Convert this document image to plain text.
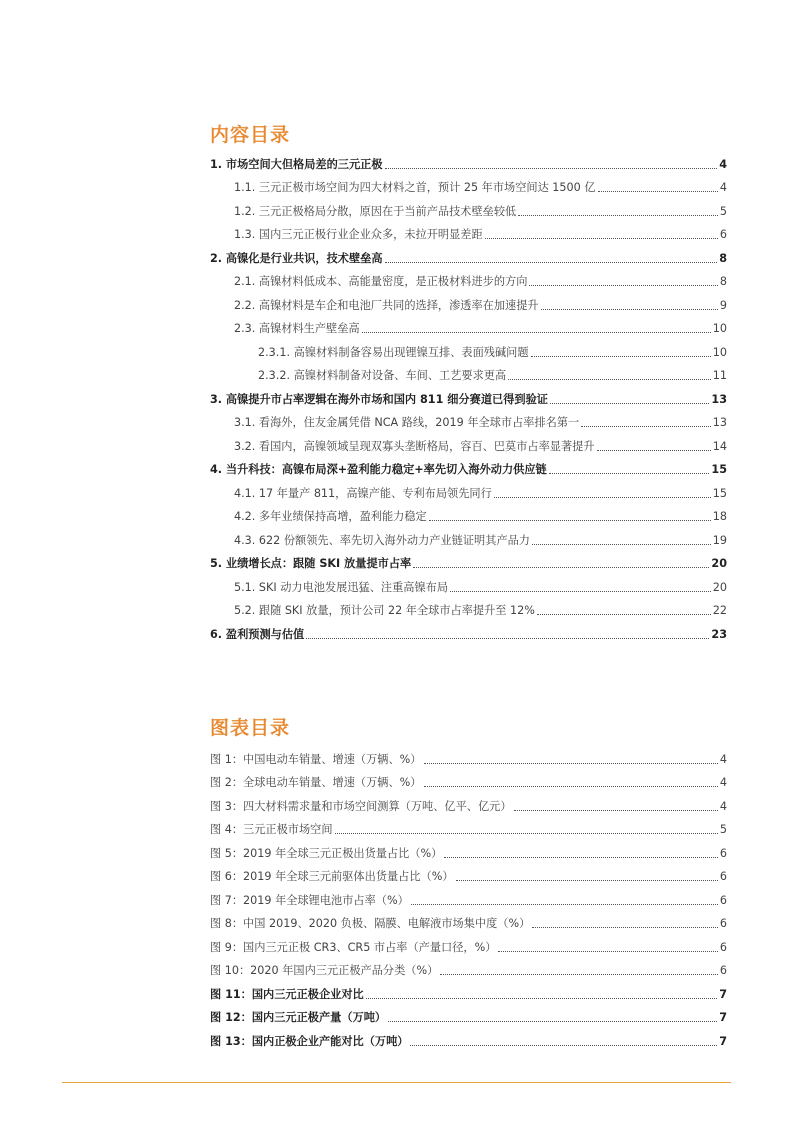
内容目录
1. 市场空间大但格局差的三元正极	4
1.1. 三元正极市场空间为四大材料之首，预计 25 年市场空间达 1500 亿	4
1.2. 三元正极格局分散，原因在于当前产品技术壁垒较低	5
1.3. 国内三元正极行业企业众多，未拉开明显差距	6
2. 高镍化是行业共识，技术壁垒高	8
2.1. 高镍材料低成本、高能量密度，是正极材料进步的方向	8
2.2. 高镍材料是车企和电池厂共同的选择，渗透率在加速提升	9
2.3. 高镍材料生产壁垒高	10
2.3.1. 高镍材料制备容易出现锂镍互排、表面残碱问题	10
2.3.2. 高镍材料制备对设备、车间、工艺要求更高	11
3. 高镍提升市占率逻辑在海外市场和国内 811 细分赛道已得到验证	13
3.1. 看海外，住友金属凭借 NCA 路线，2019 年全球市占率排名第一	13
3.2. 看国内，高镍领域呈现双寡头垄断格局，容百、巴莫市占率显著提升	14
4. 当升科技：高镍布局深+盈利能力稳定+率先切入海外动力供应链	15
4.1. 17 年量产 811，高镍产能、专利布局领先同行	15
4.2. 多年业绩保持高增，盈利能力稳定	18
4.3. 622 份额领先、率先切入海外动力产业链证明其产品力	19
5. 业绩增长点：跟随 SKI 放量提市占率	20
5.1. SKI 动力电池发展迅猛、注重高镍布局	20
5.2. 跟随 SKI 放量，预计公司 22 年全球市占率提升至 12%	22
6. 盈利预测与估值	23
图表目录
图 1：中国电动车销量、增速（万辆、%）	4
图 2：全球电动车销量、增速（万辆、%）	4
图 3：四大材料需求量和市场空间测算（万吨、亿平、亿元）	4
图 4：三元正极市场空间	5
图 5：2019 年全球三元正极出货量占比（%）	6
图 6：2019 年全球三元前驱体出货量占比（%）	6
图 7：2019 年全球锂电池市占率（%）	6
图 8：中国 2019、2020 负极、隔膜、电解液市场集中度（%）	6
图 9：国内三元正极 CR3、CR5 市占率（产量口径，%）	6
图 10：2020 年国内三元正极产品分类（%）	6
图 11：国内三元正极企业对比	7
图 12：国内三元正极产量（万吨）	7
图 13：国内正极企业产能对比（万吨）	7
